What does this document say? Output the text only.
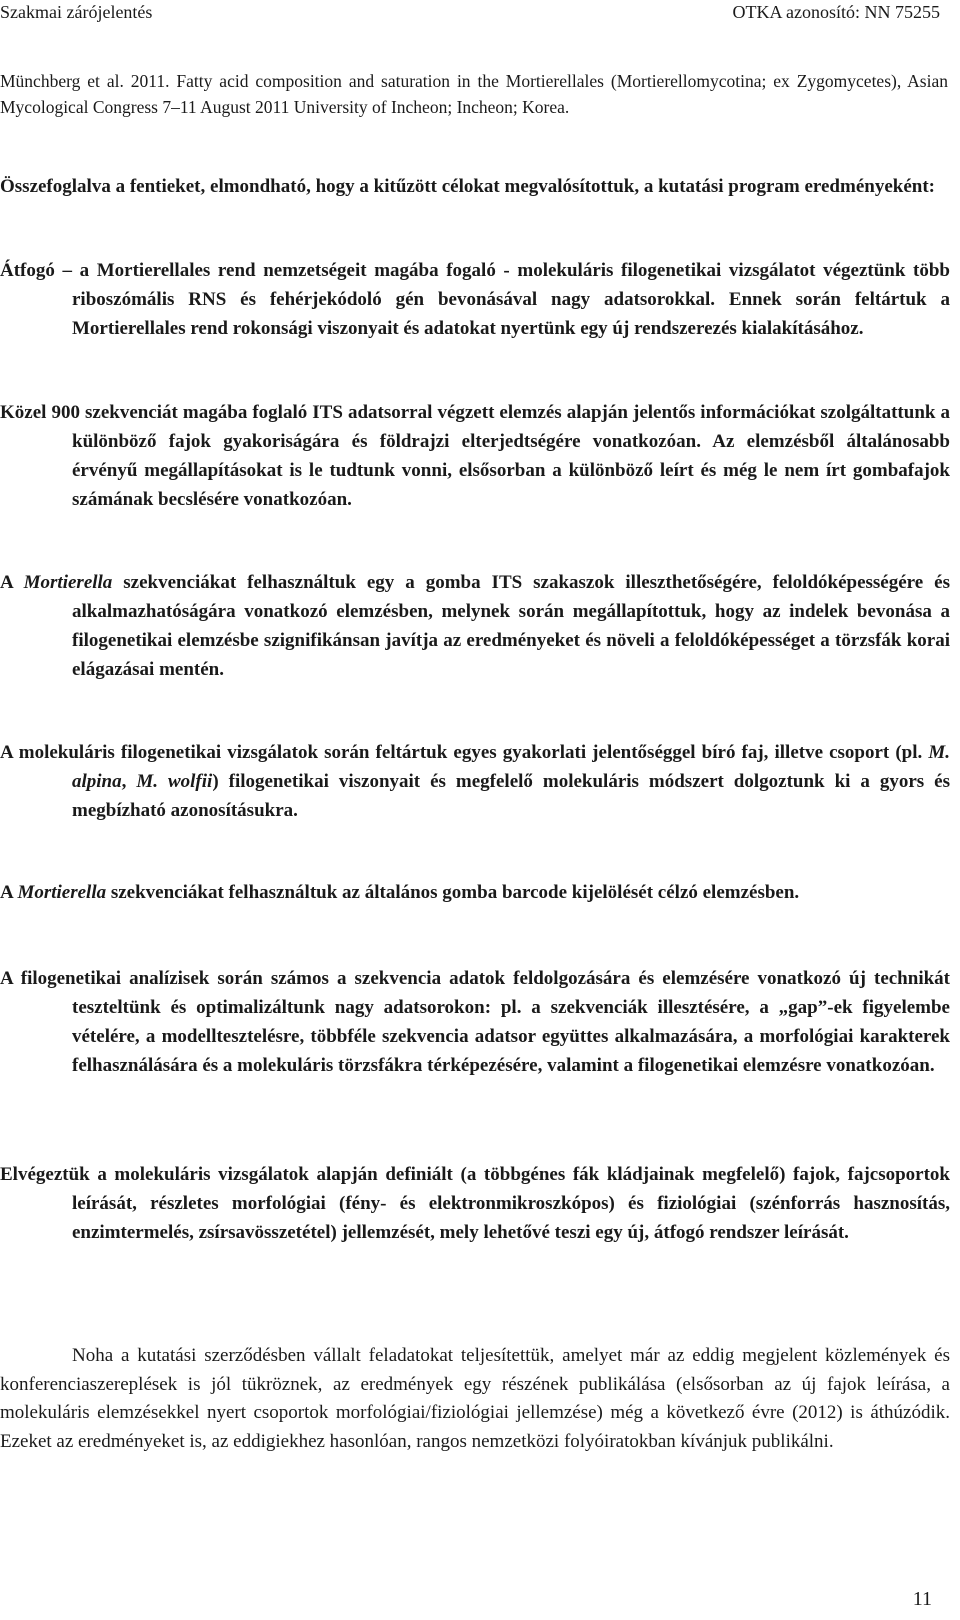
Szakmai zárójelentés	OTKA azonosító: NN 75255

Münchberg et al. 2011. Fatty acid composition and saturation in the Mortierellales (Mortierellomycotina; ex Zygomycetes), Asian Mycological Congress 7–11 August 2011 University of Incheon; Incheon; Korea.

Összefoglalva a fentieket, elmondható, hogy a kitűzött célokat megvalósítottuk, a kutatási program eredményeként:

Átfogó – a Mortierellales rend nemzetségeit magába fogaló - molekuláris filogenetikai vizsgálatot végeztünk több riboszómális RNS és fehérjekódoló gén bevonásával nagy adatsorokkal. Ennek során feltártuk a Mortierellales rend rokonsági viszonyait és adatokat nyertünk egy új rendszerezés kialakításához.

Közel 900 szekvenciát magába foglaló ITS adatsorral végzett elemzés alapján jelentős információkat szolgáltattunk a különböző fajok gyakoriságára és földrajzi elterjedtségére vonatkozóan. Az elemzésből általánosabb érvényű megállapításokat is le tudtunk vonni, elsősorban a különböző leírt és még le nem írt gombafajok számának becslésére vonatkozóan.

A Mortierella szekvenciákat felhasználtuk egy a gomba ITS szakaszok illeszthetőségére, feloldóképességére és alkalmazhatóságára vonatkozó elemzésben, melynek során megállapítottuk, hogy az indelek bevonása a filogenetikai elemzésbe szignifikánsan javítja az eredményeket és növeli a feloldóképességet a törzsfák korai elágazásai mentén.

A molekuláris filogenetikai vizsgálatok során feltártuk egyes gyakorlati jelentőséggel bíró faj, illetve csoport (pl. M. alpina, M. wolfii) filogenetikai viszonyait és megfelelő molekuláris módszert dolgoztunk ki a gyors és megbízható azonosításukra.

A Mortierella szekvenciákat felhasználtuk az általános gomba barcode kijelölését célzó elemzésben.

A filogenetikai analízisek során számos a szekvencia adatok feldolgozására és elemzésére vonatkozó új technikát teszteltünk és optimalizáltunk nagy adatsorokon: pl. a szekvenciák illesztésére, a „gap”-ek figyelembe vételére, a modelltesztelésre, többféle szekvencia adatsor együttes alkalmazására, a morfológiai karakterek felhasználására és a molekuláris törzsfákra térképezésére, valamint a filogenetikai elemzésre vonatkozóan.

Elvégeztük a molekuláris vizsgálatok alapján definiált (a többgénes fák kládjainak megfelelő) fajok, fajcsoportok leírását, részletes morfológiai (fény- és elektronmikroszkópos) és fiziológiai (szénforrás hasznosítás, enzimtermelés, zsírsavösszetétel) jellemzését, mely lehetővé teszi egy új, átfogó rendszer leírását.

Noha a kutatási szerződésben vállalt feladatokat teljesítettük, amelyet már az eddig megjelent közlemények és konferenciaszereplések is jól tükröznek, az eredmények egy részének publikálása (elsősorban az új fajok leírása, a molekuláris elemzésekkel nyert csoportok morfológiai/fiziológiai jellemzése) még a következő évre (2012) is áthúzódik. Ezeket az eredményeket is, az eddigiekhez hasonlóan, rangos nemzetközi folyóiratokban kívánjuk publikálni.

11
